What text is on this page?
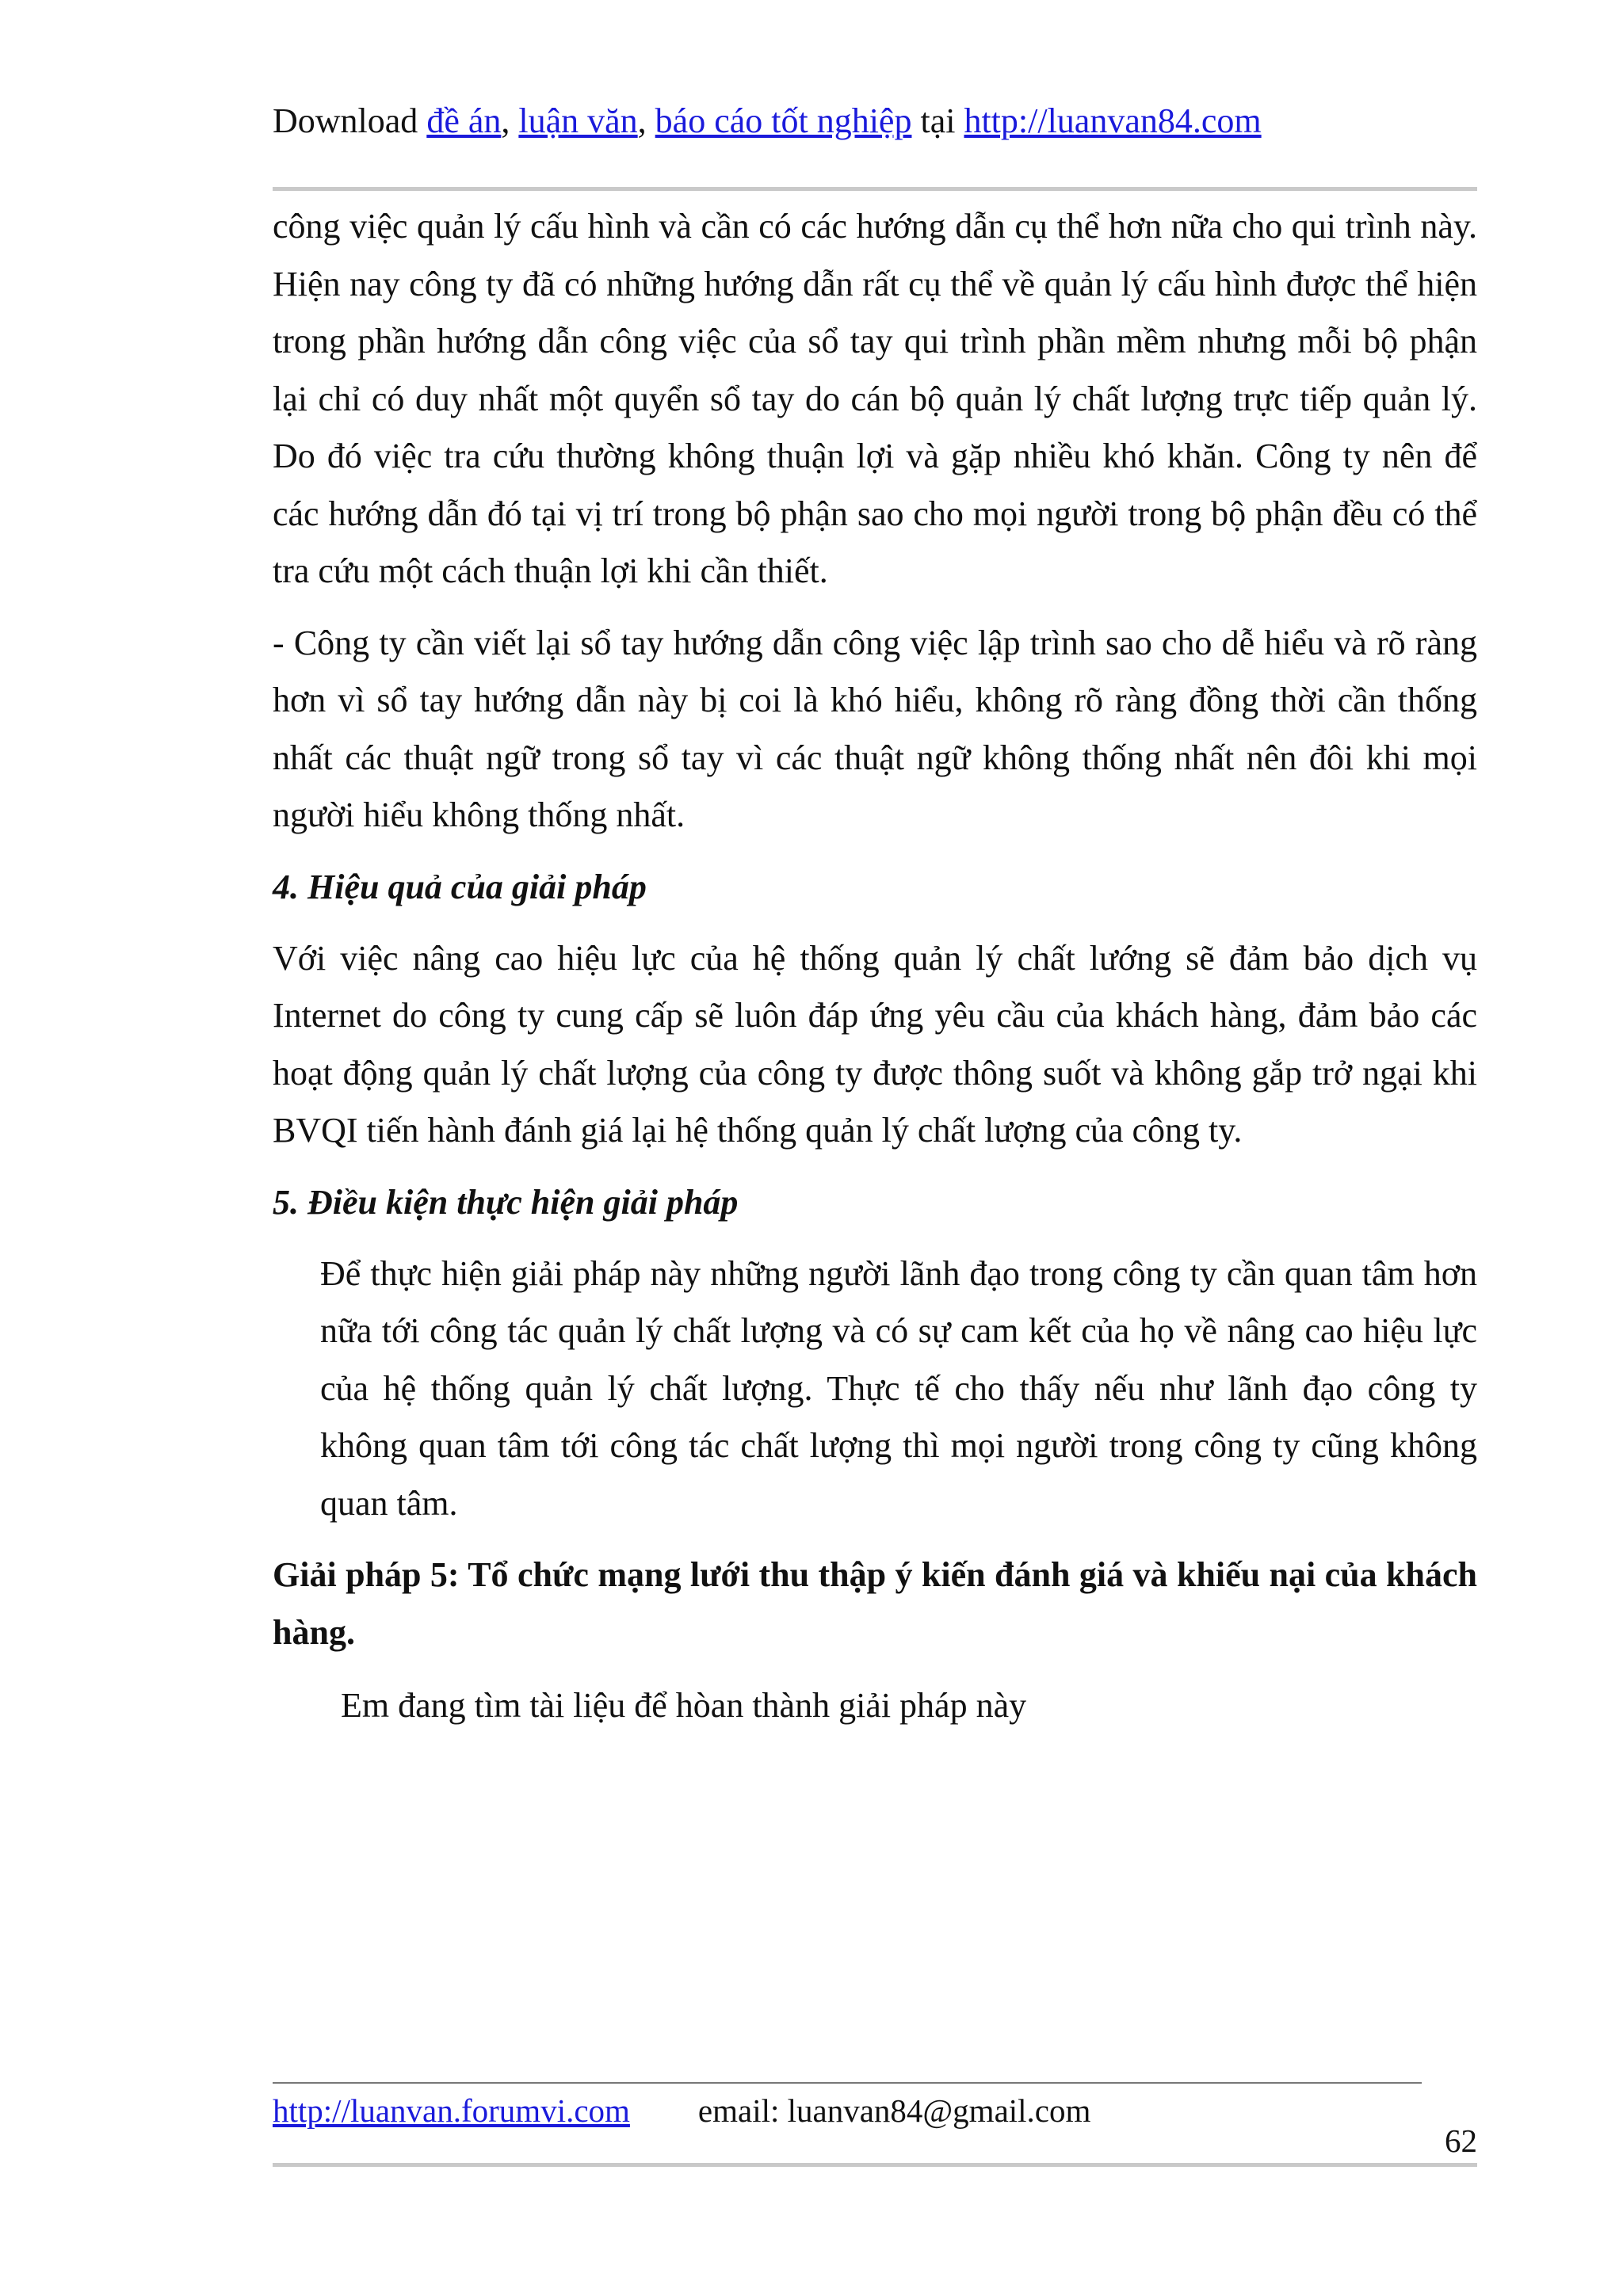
Download đề án, luận văn, báo cáo tốt nghiệp tại http://luanvan84.com

công việc quản lý cấu hình và cần có các hướng dẫn cụ thể hơn nữa cho qui trình này. Hiện nay công ty đã có những hướng dẫn rất cụ thể về quản lý cấu hình được thể hiện trong phần hướng dẫn công việc của sổ tay qui trình phần mềm nhưng mỗi bộ phận lại chỉ có duy nhất một quyển sổ tay do cán bộ quản lý chất lượng trực tiếp quản lý. Do đó việc tra cứu thường không thuận lợi và gặp nhiều khó khăn. Công ty nên để các hướng dẫn đó tại vị trí trong bộ phận sao cho mọi người trong bộ phận đều có thể tra cứu một cách thuận lợi khi cần thiết.

- Công ty cần viết lại sổ tay hướng dẫn công việc lập trình sao cho dễ hiểu và rõ ràng hơn vì sổ tay hướng dẫn này bị coi là khó hiểu, không rõ ràng đồng thời cần thống nhất các thuật ngữ trong sổ tay vì các thuật ngữ không thống nhất nên đôi khi mọi người hiểu không thống nhất.

4. Hiệu quả của giải pháp

Với việc nâng cao hiệu lực của hệ thống quản lý chất lướng sẽ đảm bảo dịch vụ Internet do công ty cung cấp sẽ luôn đáp ứng yêu cầu của khách hàng, đảm bảo các hoạt động quản lý chất lượng của công ty được thông suốt và không gắp trở ngại khi BVQI tiến hành đánh giá lại hệ thống quản lý chất lượng của công ty.

5. Điều kiện thực hiện giải pháp

Để thực hiện giải pháp này những người lãnh đạo trong công ty cần quan tâm hơn nữa tới công tác quản lý chất lượng và có sự cam kết của họ về nâng cao hiệu lực của hệ thống quản lý chất lượng. Thực tế cho thấy nếu như lãnh đạo công ty không quan tâm tới công tác chất lượng thì mọi người trong công ty cũng không quan tâm.

Giải pháp 5: Tổ chức mạng lưới thu thập ý kiến đánh giá và khiếu nại của khách hàng.

Em đang tìm tài liệu để hòan thành giải pháp này

http://luanvan.forumvi.com email: luanvan84@gmail.com
62
